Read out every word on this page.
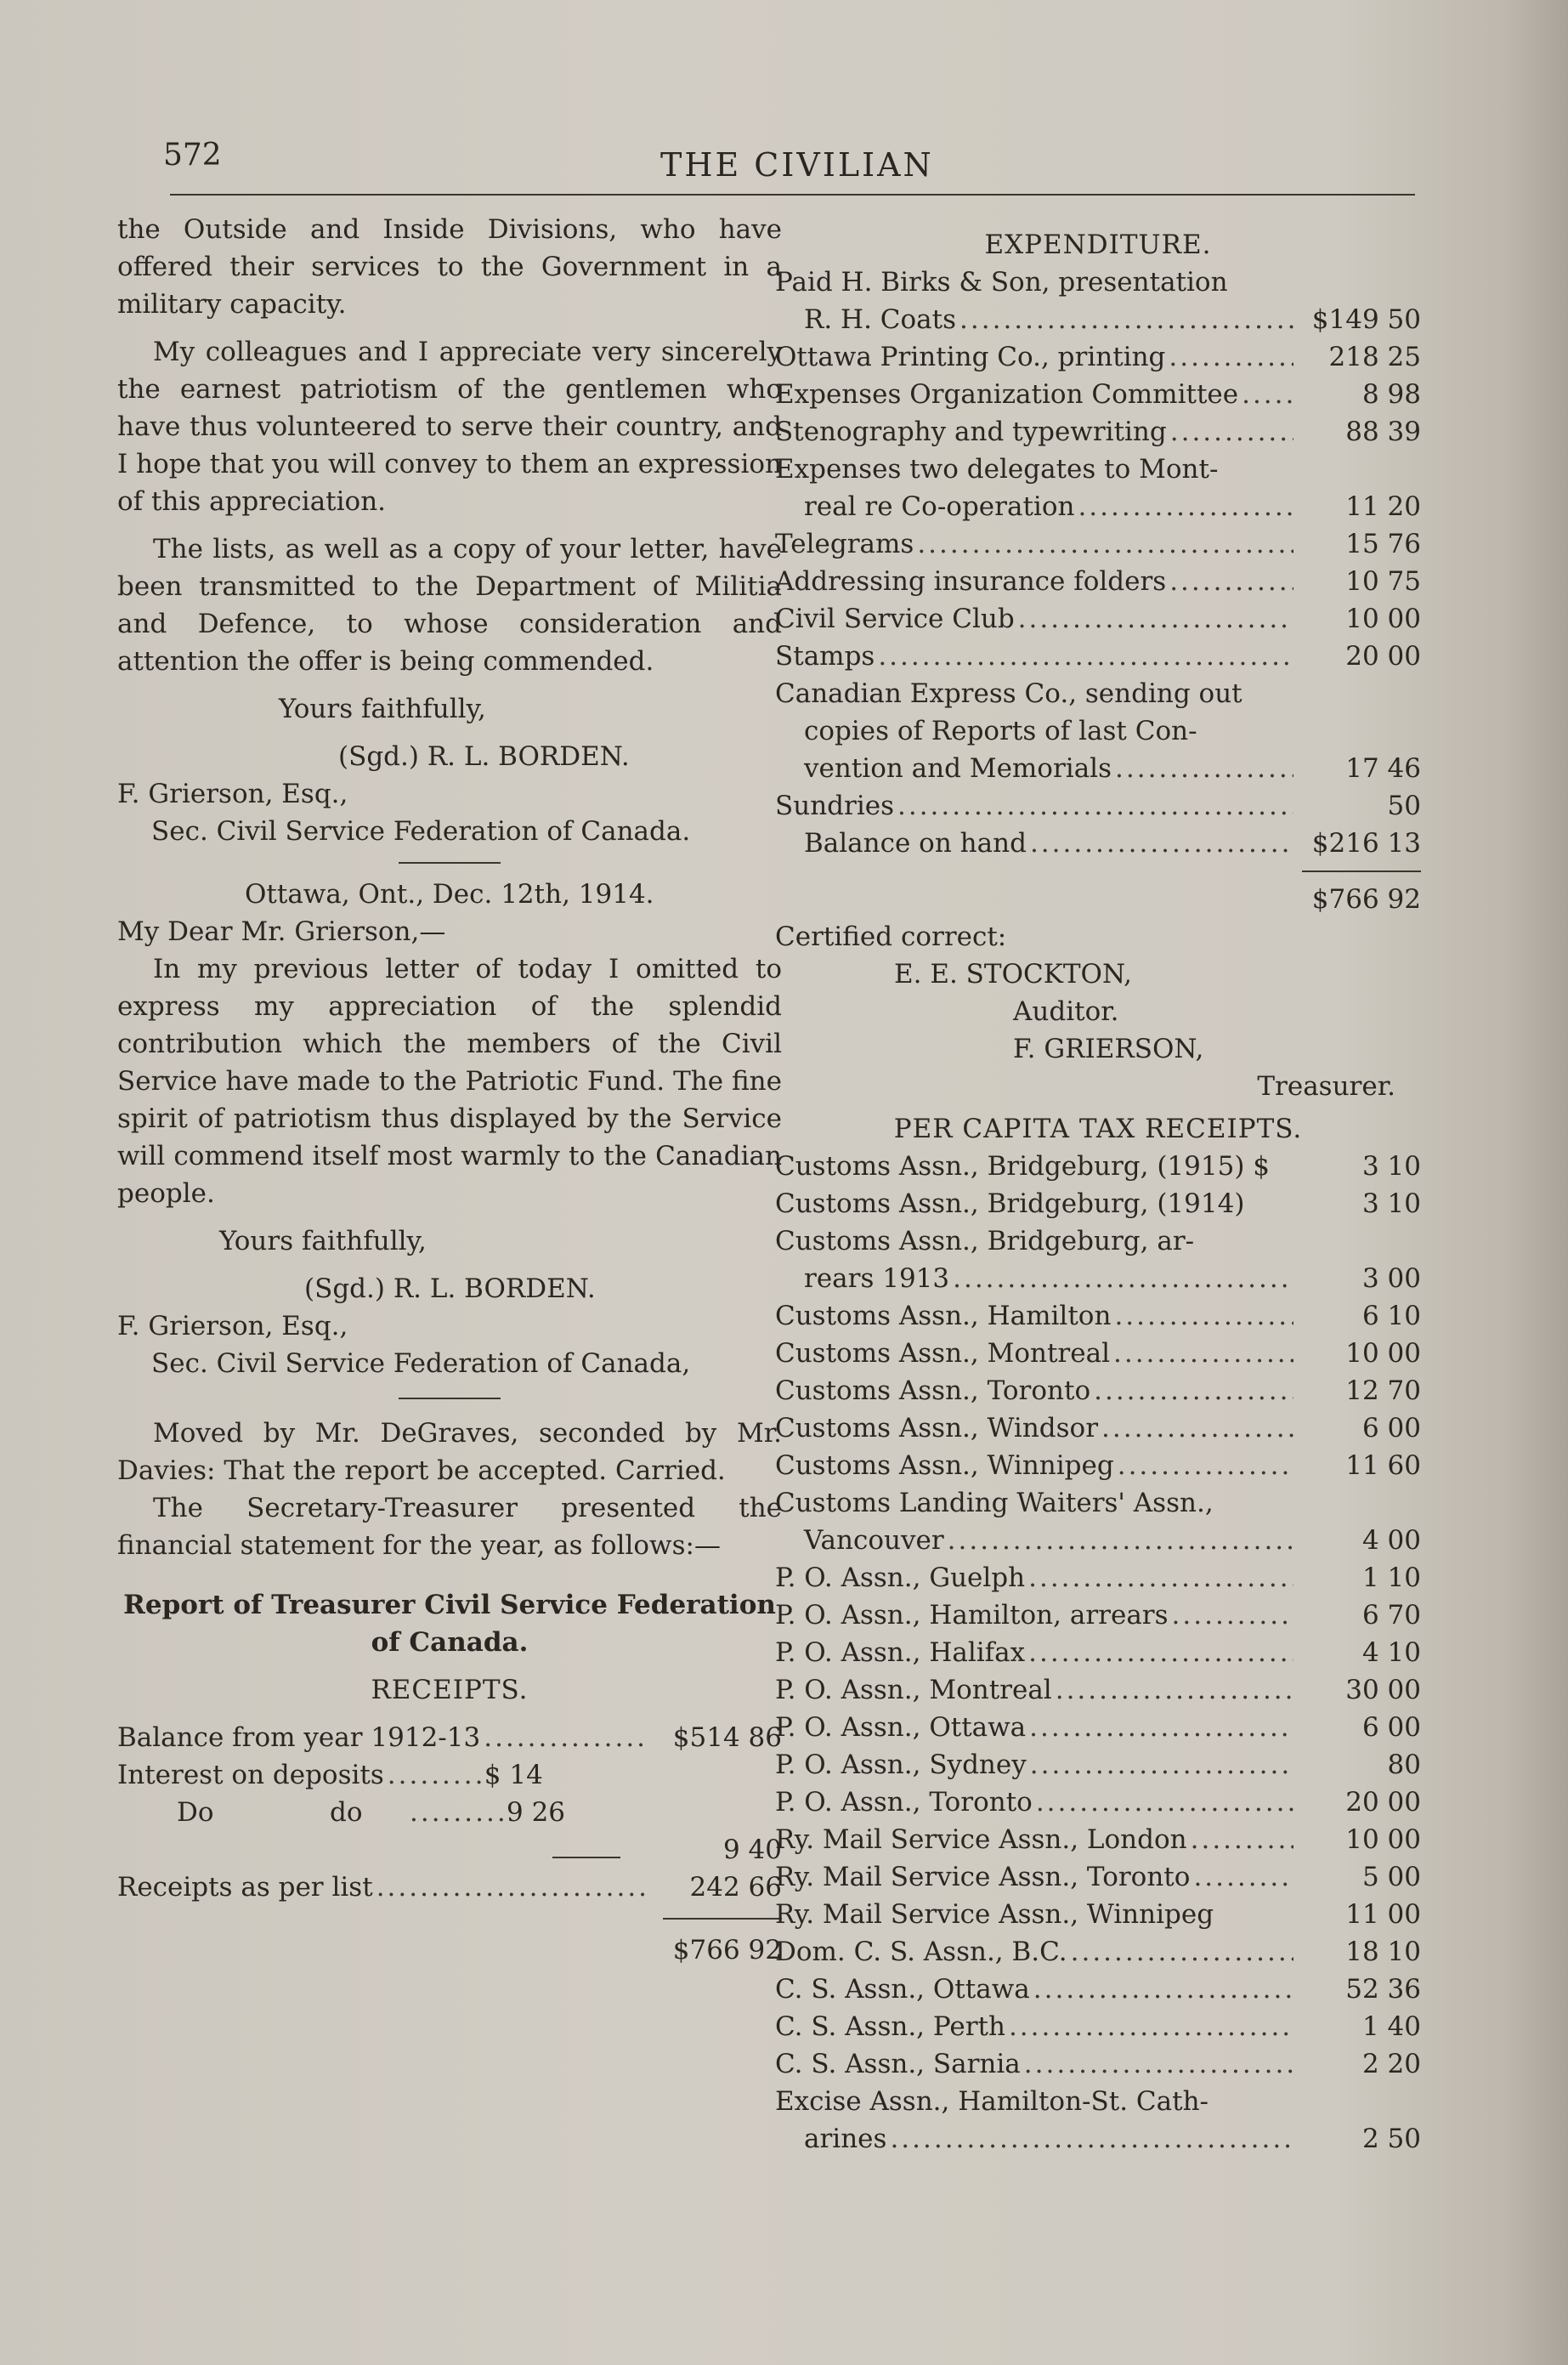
572	THE CIVILIAN

the Outside and Inside Divisions, who have offered their services to the Government in a military capacity.

My colleagues and I appreciate very sincerely the earnest patriotism of the gentlemen who have thus volunteered to serve their country, and I hope that you will convey to them an expression of this appreciation.

The lists, as well as a copy of your letter, have been transmitted to the Department of Militia and Defence, to whose consideration and attention the offer is being commended.

Yours faithfully,

(Sgd.) R. L. BORDEN.

F. Grierson, Esq.,

Sec. Civil Service Federation of Canada.

Ottawa, Ont., Dec. 12th, 1914.

My Dear Mr. Grierson,—

In my previous letter of today I omitted to express my appreciation of the splendid contribution which the members of the Civil Service have made to the Patriotic Fund. The fine spirit of patriotism thus displayed by the Service will commend itself most warmly to the Canadian people.

Yours faithfully,

(Sgd.) R. L. BORDEN.

F. Grierson, Esq.,

Sec. Civil Service Federation of Canada,

Moved by Mr. DeGraves, seconded by Mr. Davies: That the report be accepted. Carried.

The Secretary-Treasurer presented the financial statement for the year, as follows:—

Report of Treasurer Civil Service Federation of Canada.

RECEIPTS.

Balance from year 1912-13 .....	$514 86
Interest on deposits .....	$ 14
Do	do .....	9 26
9 40
Receipts as per list .....	242 66
$766 92

EXPENDITURE.

Paid H. Birks & Son, presentation
R. H. Coats .....	$149 50
Ottawa Printing Co., printing .....	218 25
Expenses Organization Committee .....	8 98
Stenography and typewriting .....	88 39
Expenses two delegates to Mont-
real re Co-operation .....	11 20
Telegrams .....	15 76
Addressing insurance folders .....	10 75
Civil Service Club .....	10 00
Stamps .....	20 00
Canadian Express Co., sending out
copies of Reports of last Con-
vention and Memorials .....	17 46
Sundries .....	50
Balance on hand .....	$216 13
$766 92

Certified correct:

E. E. STOCKTON,

Auditor.

F. GRIERSON,

Treasurer.

PER CAPITA TAX RECEIPTS.

Customs Assn., Bridgeburg, (1915) $	3 10
Customs Assn., Bridgeburg, (1914)	3 10
Customs Assn., Bridgeburg, ar-
rears 1913 .....	3 00
Customs Assn., Hamilton .....	6 10
Customs Assn., Montreal .....	10 00
Customs Assn., Toronto .....	12 70
Customs Assn., Windsor .....	6 00
Customs Assn., Winnipeg .....	11 60
Customs Landing Waiters' Assn.,
Vancouver .....	4 00
P. O. Assn., Guelph .....	1 10
P. O. Assn., Hamilton, arrears .....	6 70
P. O. Assn., Halifax .....	4 10
P. O. Assn., Montreal .....	30 00
P. O. Assn., Ottawa .....	6 00
P. O. Assn., Sydney .....	80
P. O. Assn., Toronto .....	20 00
Ry. Mail Service Assn., London .....	10 00
Ry. Mail Service Assn., Toronto .....	5 00
Ry. Mail Service Assn., Winnipeg	11 00
Dom. C. S. Assn., B.C. .....	18 10
C. S. Assn., Ottawa .....	52 36
C. S. Assn., Perth .....	1 40
C. S. Assn., Sarnia .....	2 20
Excise Assn., Hamilton-St. Cath-
arines .....	2 50
